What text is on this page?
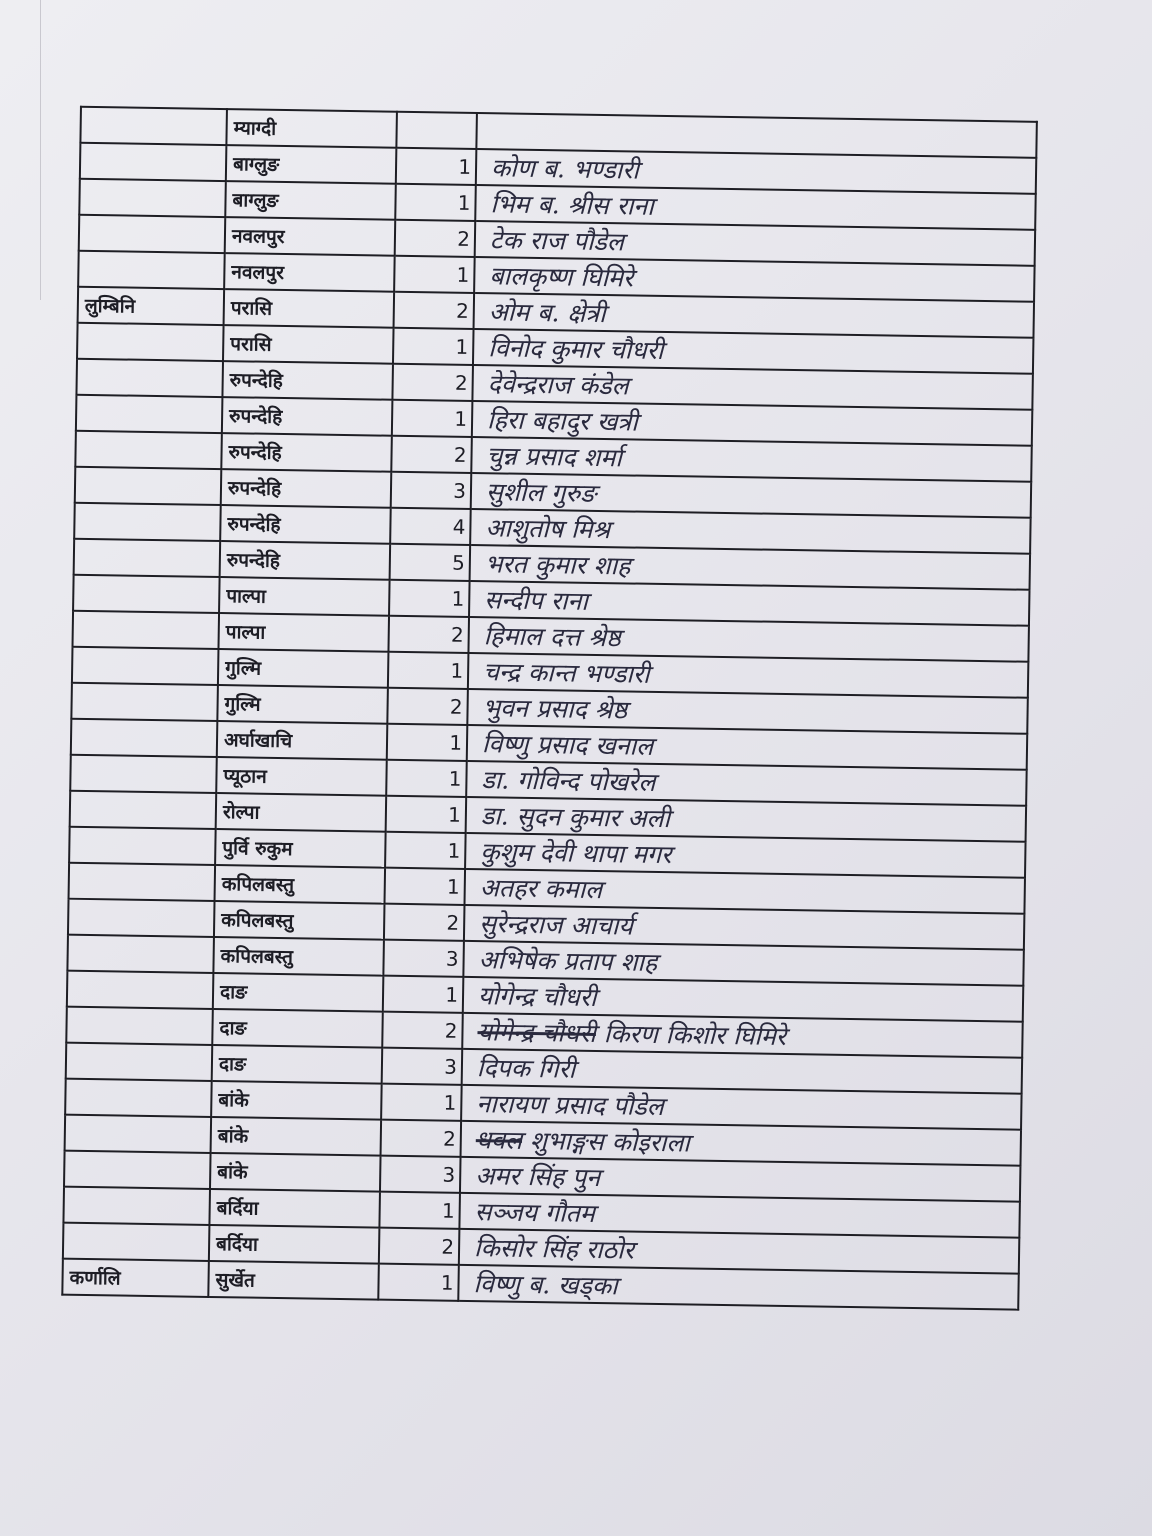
	म्याग्दी		
	बाग्लुङ	1	कोण ब. भण्डारी
	बाग्लुङ	1	भिम ब. श्रीस राना
	नवलपुर	2	टेक राज पौडेल
	नवलपुर	1	बालकृष्ण घिमिरे
लुम्बिनि	परासि	2	ओम ब. क्षेत्री
	परासि	1	विनोद कुमार चौधरी
	रुपन्देहि	2	देवेन्द्रराज कंडेल
	रुपन्देहि	1	हिरा बहादुर खत्री
	रुपन्देहि	2	चुन्न प्रसाद शर्मा
	रुपन्देहि	3	सुशील गुरुङ
	रुपन्देहि	4	आशुतोष मिश्र
	रुपन्देहि	5	भरत कुमार शाह
	पाल्पा	1	सन्दीप राना
	पाल्पा	2	हिमाल दत्त श्रेष्ठ
	गुल्मि	1	चन्द्र कान्त भण्डारी
	गुल्मि	2	भुवन प्रसाद श्रेष्ठ
	अर्घाखाचि	1	विष्णु प्रसाद खनाल
	प्यूठान	1	डा. गोविन्द पोखरेल
	रोल्पा	1	डा. सुदन कुमार अली
	पुर्वि रुकुम	1	कुशुम देवी थापा मगर
	कपिलबस्तु	1	अतहर कमाल
	कपिलबस्तु	2	सुरेन्द्रराज आचार्य
	कपिलबस्तु	3	अभिषेक प्रताप शाह
	दाङ	1	योगेन्द्र चौधरी
	दाङ	2	योगेन्द्र चौधरी किरण किशोर घिमिरे
	दाङ	3	दिपक गिरी
	बांके	1	नारायण प्रसाद पौडेल
	बांके	2	धवल शुभाङ्गस कोइराला
	बांके	3	अमर सिंह पुन
	बर्दिया	1	सञ्जय गौतम
	बर्दिया	2	किसोर सिंह राठोर
कर्णालि	सुर्खेत	1	विष्णु ब. खड्का
